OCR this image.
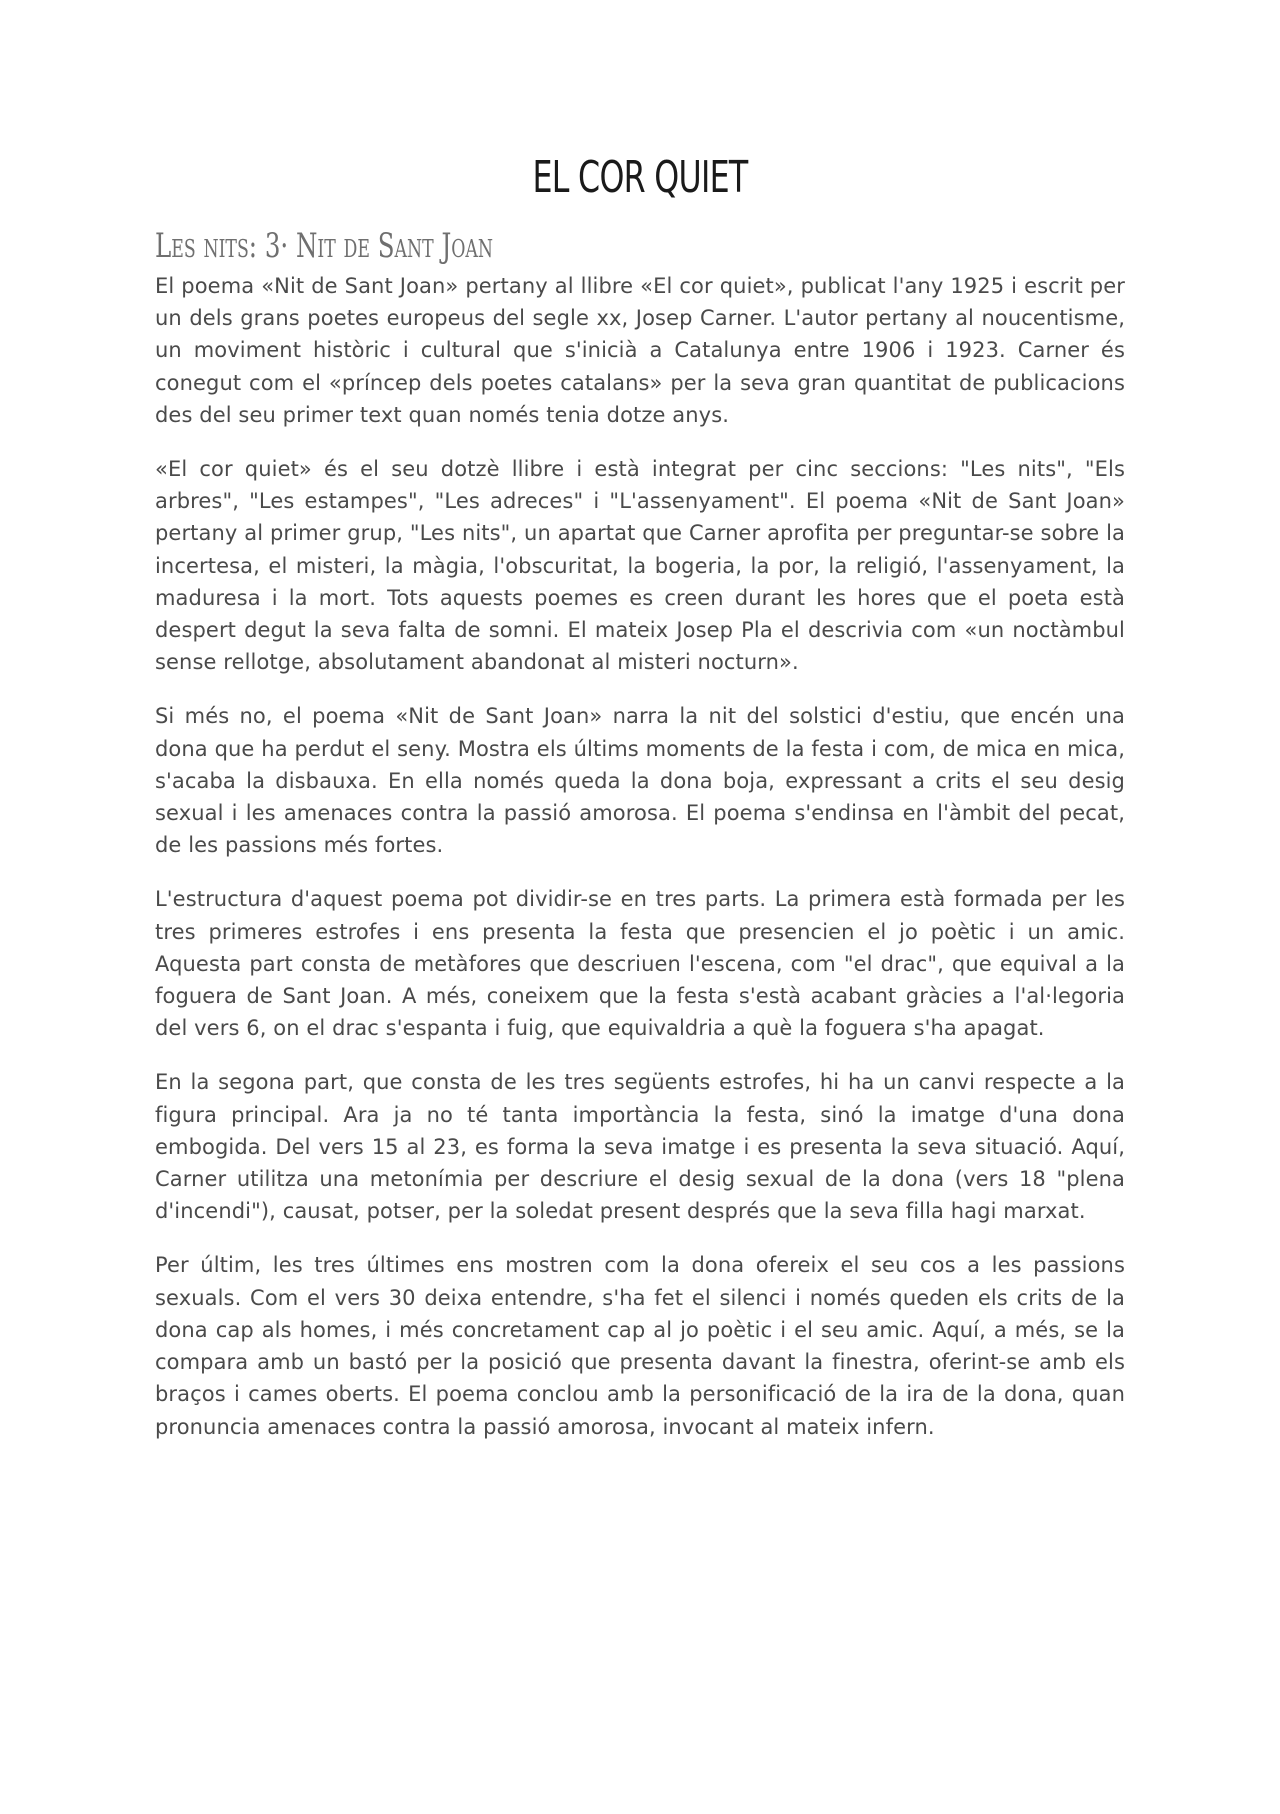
EL COR QUIET
Les nits: 3· Nit de Sant Joan

El poema «Nit de Sant Joan» pertany al llibre «El cor quiet», publicat l'any 1925 i escrit per un dels grans poetes europeus del segle xx, Josep Carner. L'autor pertany al noucentisme, un moviment històric i cultural que s'inicià a Catalunya entre 1906 i 1923. Carner és conegut com el «príncep dels poetes catalans» per la seva gran quantitat de publicacions des del seu primer text quan només tenia dotze anys.

«El cor quiet» és el seu dotzè llibre i està integrat per cinc seccions: "Les nits", "Els arbres", "Les estampes", "Les adreces" i "L'assenyament". El poema «Nit de Sant Joan» pertany al primer grup, "Les nits", un apartat que Carner aprofita per preguntar-se sobre la incertesa, el misteri, la màgia, l'obscuritat, la bogeria, la por, la religió, l'assenyament, la maduresa i la mort. Tots aquests poemes es creen durant les hores que el poeta està despert degut la seva falta de somni. El mateix Josep Pla el descrivia com «un noctàmbul sense rellotge, absolutament abandonat al misteri nocturn».

Si més no, el poema «Nit de Sant Joan» narra la nit del solstici d'estiu, que encén una dona que ha perdut el seny. Mostra els últims moments de la festa i com, de mica en mica, s'acaba la disbauxa. En ella només queda la dona boja, expressant a crits el seu desig sexual i les amenaces contra la passió amorosa. El poema s'endinsa en l'àmbit del pecat, de les passions més fortes.

L'estructura d'aquest poema pot dividir-se en tres parts. La primera està formada per les tres primeres estrofes i ens presenta la festa que presencien el jo poètic i un amic. Aquesta part consta de metàfores que descriuen l'escena, com "el drac", que equival a la foguera de Sant Joan. A més, coneixem que la festa s'està acabant gràcies a l'al·legoria del vers 6, on el drac s'espanta i fuig, que equivaldria a què la foguera s'ha apagat.

En la segona part, que consta de les tres següents estrofes, hi ha un canvi respecte a la figura principal. Ara ja no té tanta importància la festa, sinó la imatge d'una dona embogida. Del vers 15 al 23, es forma la seva imatge i es presenta la seva situació. Aquí, Carner utilitza una metonímia per descriure el desig sexual de la dona (vers 18 "plena d'incendi"), causat, potser, per la soledat present després que la seva filla hagi marxat.

Per últim, les tres últimes ens mostren com la dona ofereix el seu cos a les passions sexuals. Com el vers 30 deixa entendre, s'ha fet el silenci i només queden els crits de la dona cap als homes, i més concretament cap al jo poètic i el seu amic. Aquí, a més, se la compara amb un bastó per la posició que presenta davant la finestra, oferint-se amb els braços i cames oberts. El poema conclou amb la personificació de la ira de la dona, quan pronuncia amenaces contra la passió amorosa, invocant al mateix infern.
